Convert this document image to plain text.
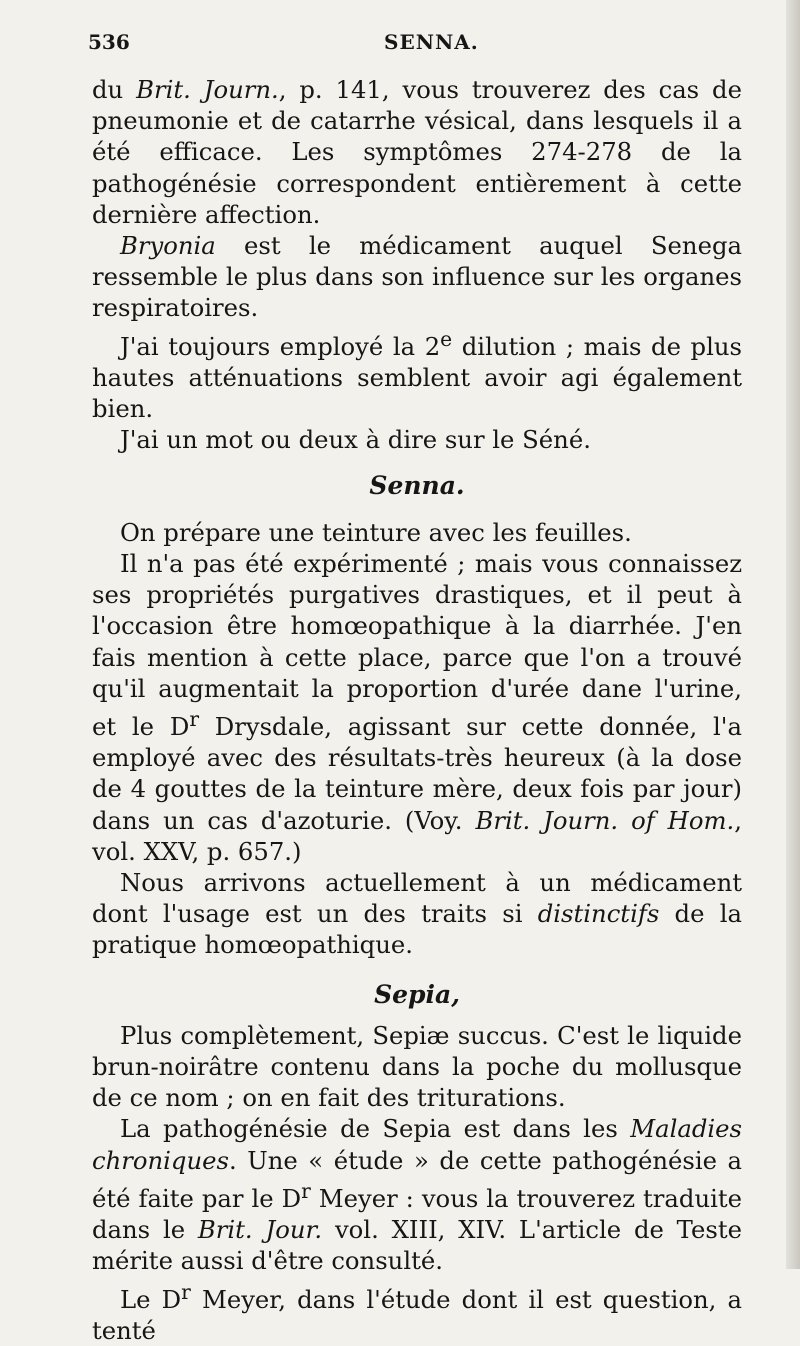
536	SENNA.

du Brit. Journ., p. 141, vous trouverez des cas de pneumonie et de catarrhe vésical, dans lesquels il a été efficace. Les symptômes 274-278 de la pathogénésie correspondent entièrement à cette dernière affection.

Bryonia est le médicament auquel Senega ressemble le plus dans son influence sur les organes respiratoires.

J'ai toujours employé la 2e dilution ; mais de plus hautes atténuations semblent avoir agi également bien.

J'ai un mot ou deux à dire sur le Séné.

Senna.

On prépare une teinture avec les feuilles.

Il n'a pas été expérimenté ; mais vous connaissez ses propriétés purgatives drastiques, et il peut à l'occasion être homœopathique à la diarrhée. J'en fais mention à cette place, parce que l'on a trouvé qu'il augmentait la proportion d'urée dane l'urine, et le $D^r$ Drysdale, agissant sur cette donnée, l'a employé avec des résultats-très heureux (à la dose de 4 gouttes de la teinture mère, deux fois par jour) dans un cas d'azoturie. (Voy. Brit. Journ. of Hom., vol. XXV, p. 657.)

Nous arrivons actuellement à un médicament dont l'usage est un des traits si distinctifs de la pratique homœopathique.

Sepia,

Plus complètement, Sepiæ succus. C'est le liquide brun-noirâtre contenu dans la poche du mollusque de ce nom ; on en fait des triturations.

La pathogénésie de Sepia est dans les Maladies chroniques. Une « étude » de cette pathogénésie a été faite par le $D^r$ Meyer : vous la trouverez traduite dans le Brit. Jour. vol. XIII, XIV. L'article de Teste mérite aussi d'être consulté.

Le $D^r$ Meyer, dans l'étude dont il est question, a tenté
